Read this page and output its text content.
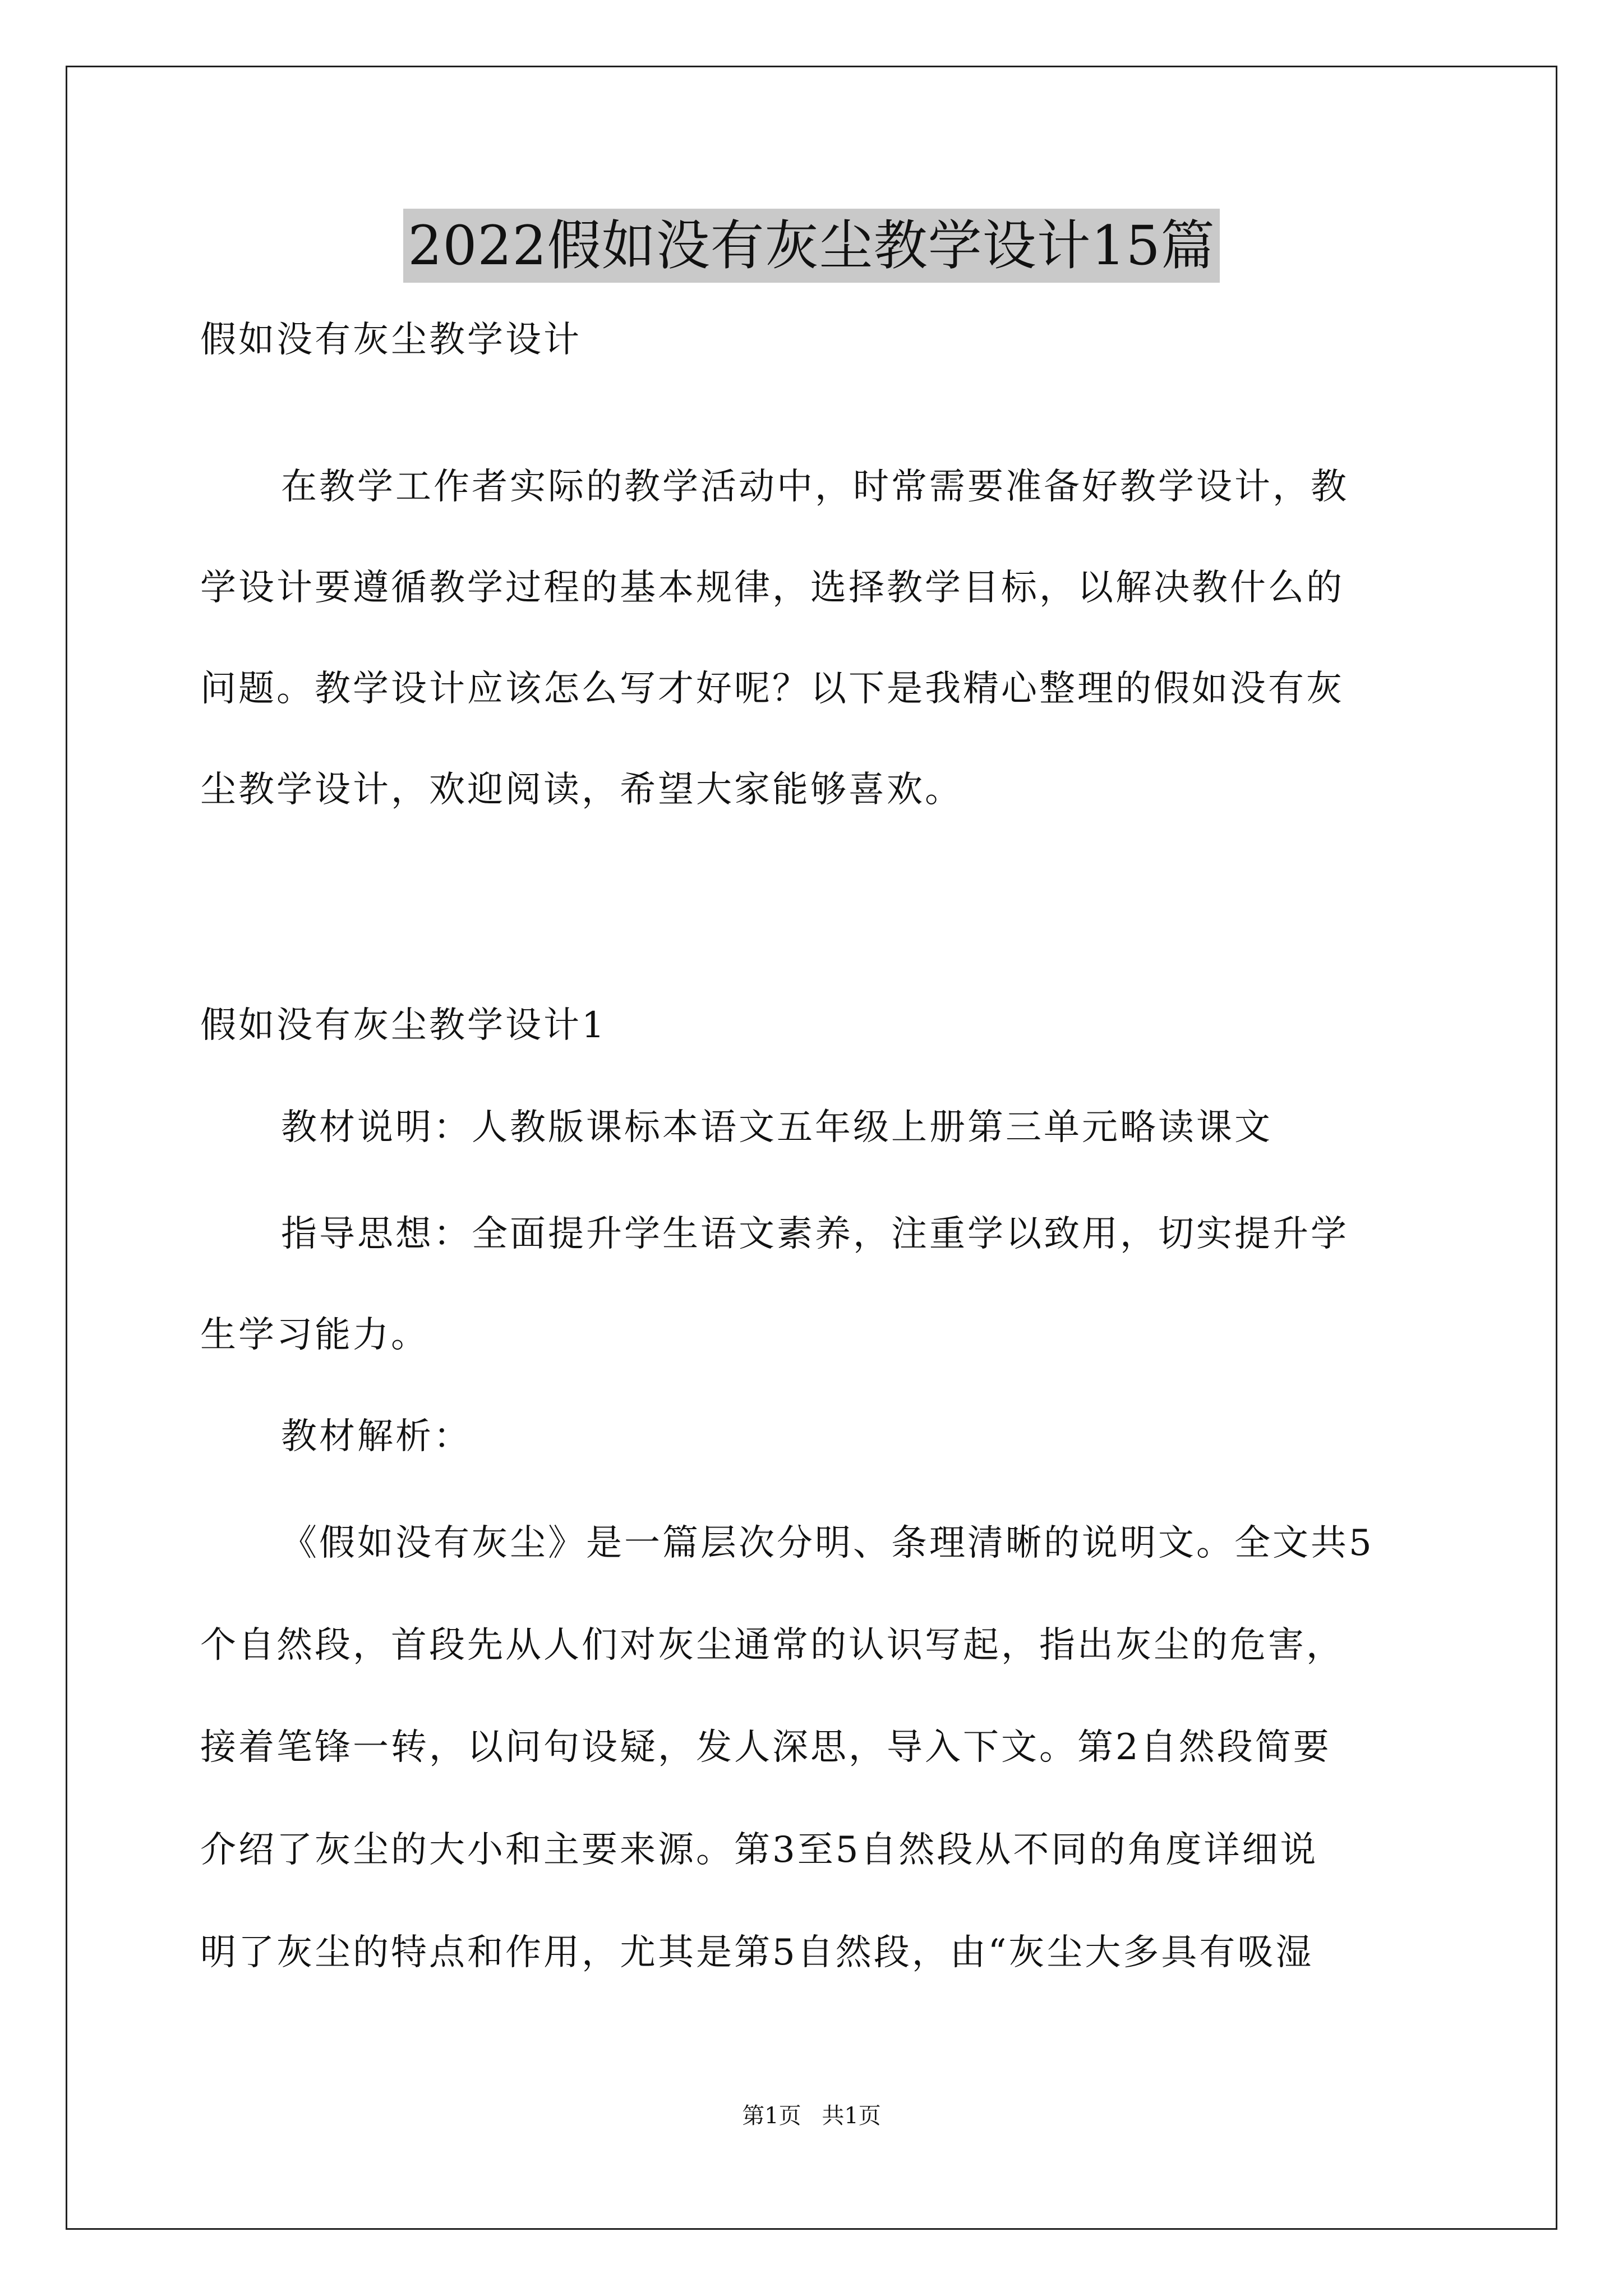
2022假如没有灰尘教学设计15篇
假如没有灰尘教学设计
在教学工作者实际的教学活动中，时常需要准备好教学设计，教
学设计要遵循教学过程的基本规律，选择教学目标，以解决教什么的
问题。教学设计应该怎么写才好呢？以下是我精心整理的假如没有灰
尘教学设计，欢迎阅读，希望大家能够喜欢。
假如没有灰尘教学设计1
教材说明：人教版课标本语文五年级上册第三单元略读课文
指导思想：全面提升学生语文素养，注重学以致用，切实提升学
生学习能力。
教材解析：
《假如没有灰尘》是一篇层次分明、条理清晰的说明文。全文共5
个自然段，首段先从人们对灰尘通常的认识写起，指出灰尘的危害，
接着笔锋一转，以问句设疑，发人深思，导入下文。第2自然段简要
介绍了灰尘的大小和主要来源。第3至5自然段从不同的角度详细说
明了灰尘的特点和作用，尤其是第5自然段，由“灰尘大多具有吸湿
第1页 共1页
